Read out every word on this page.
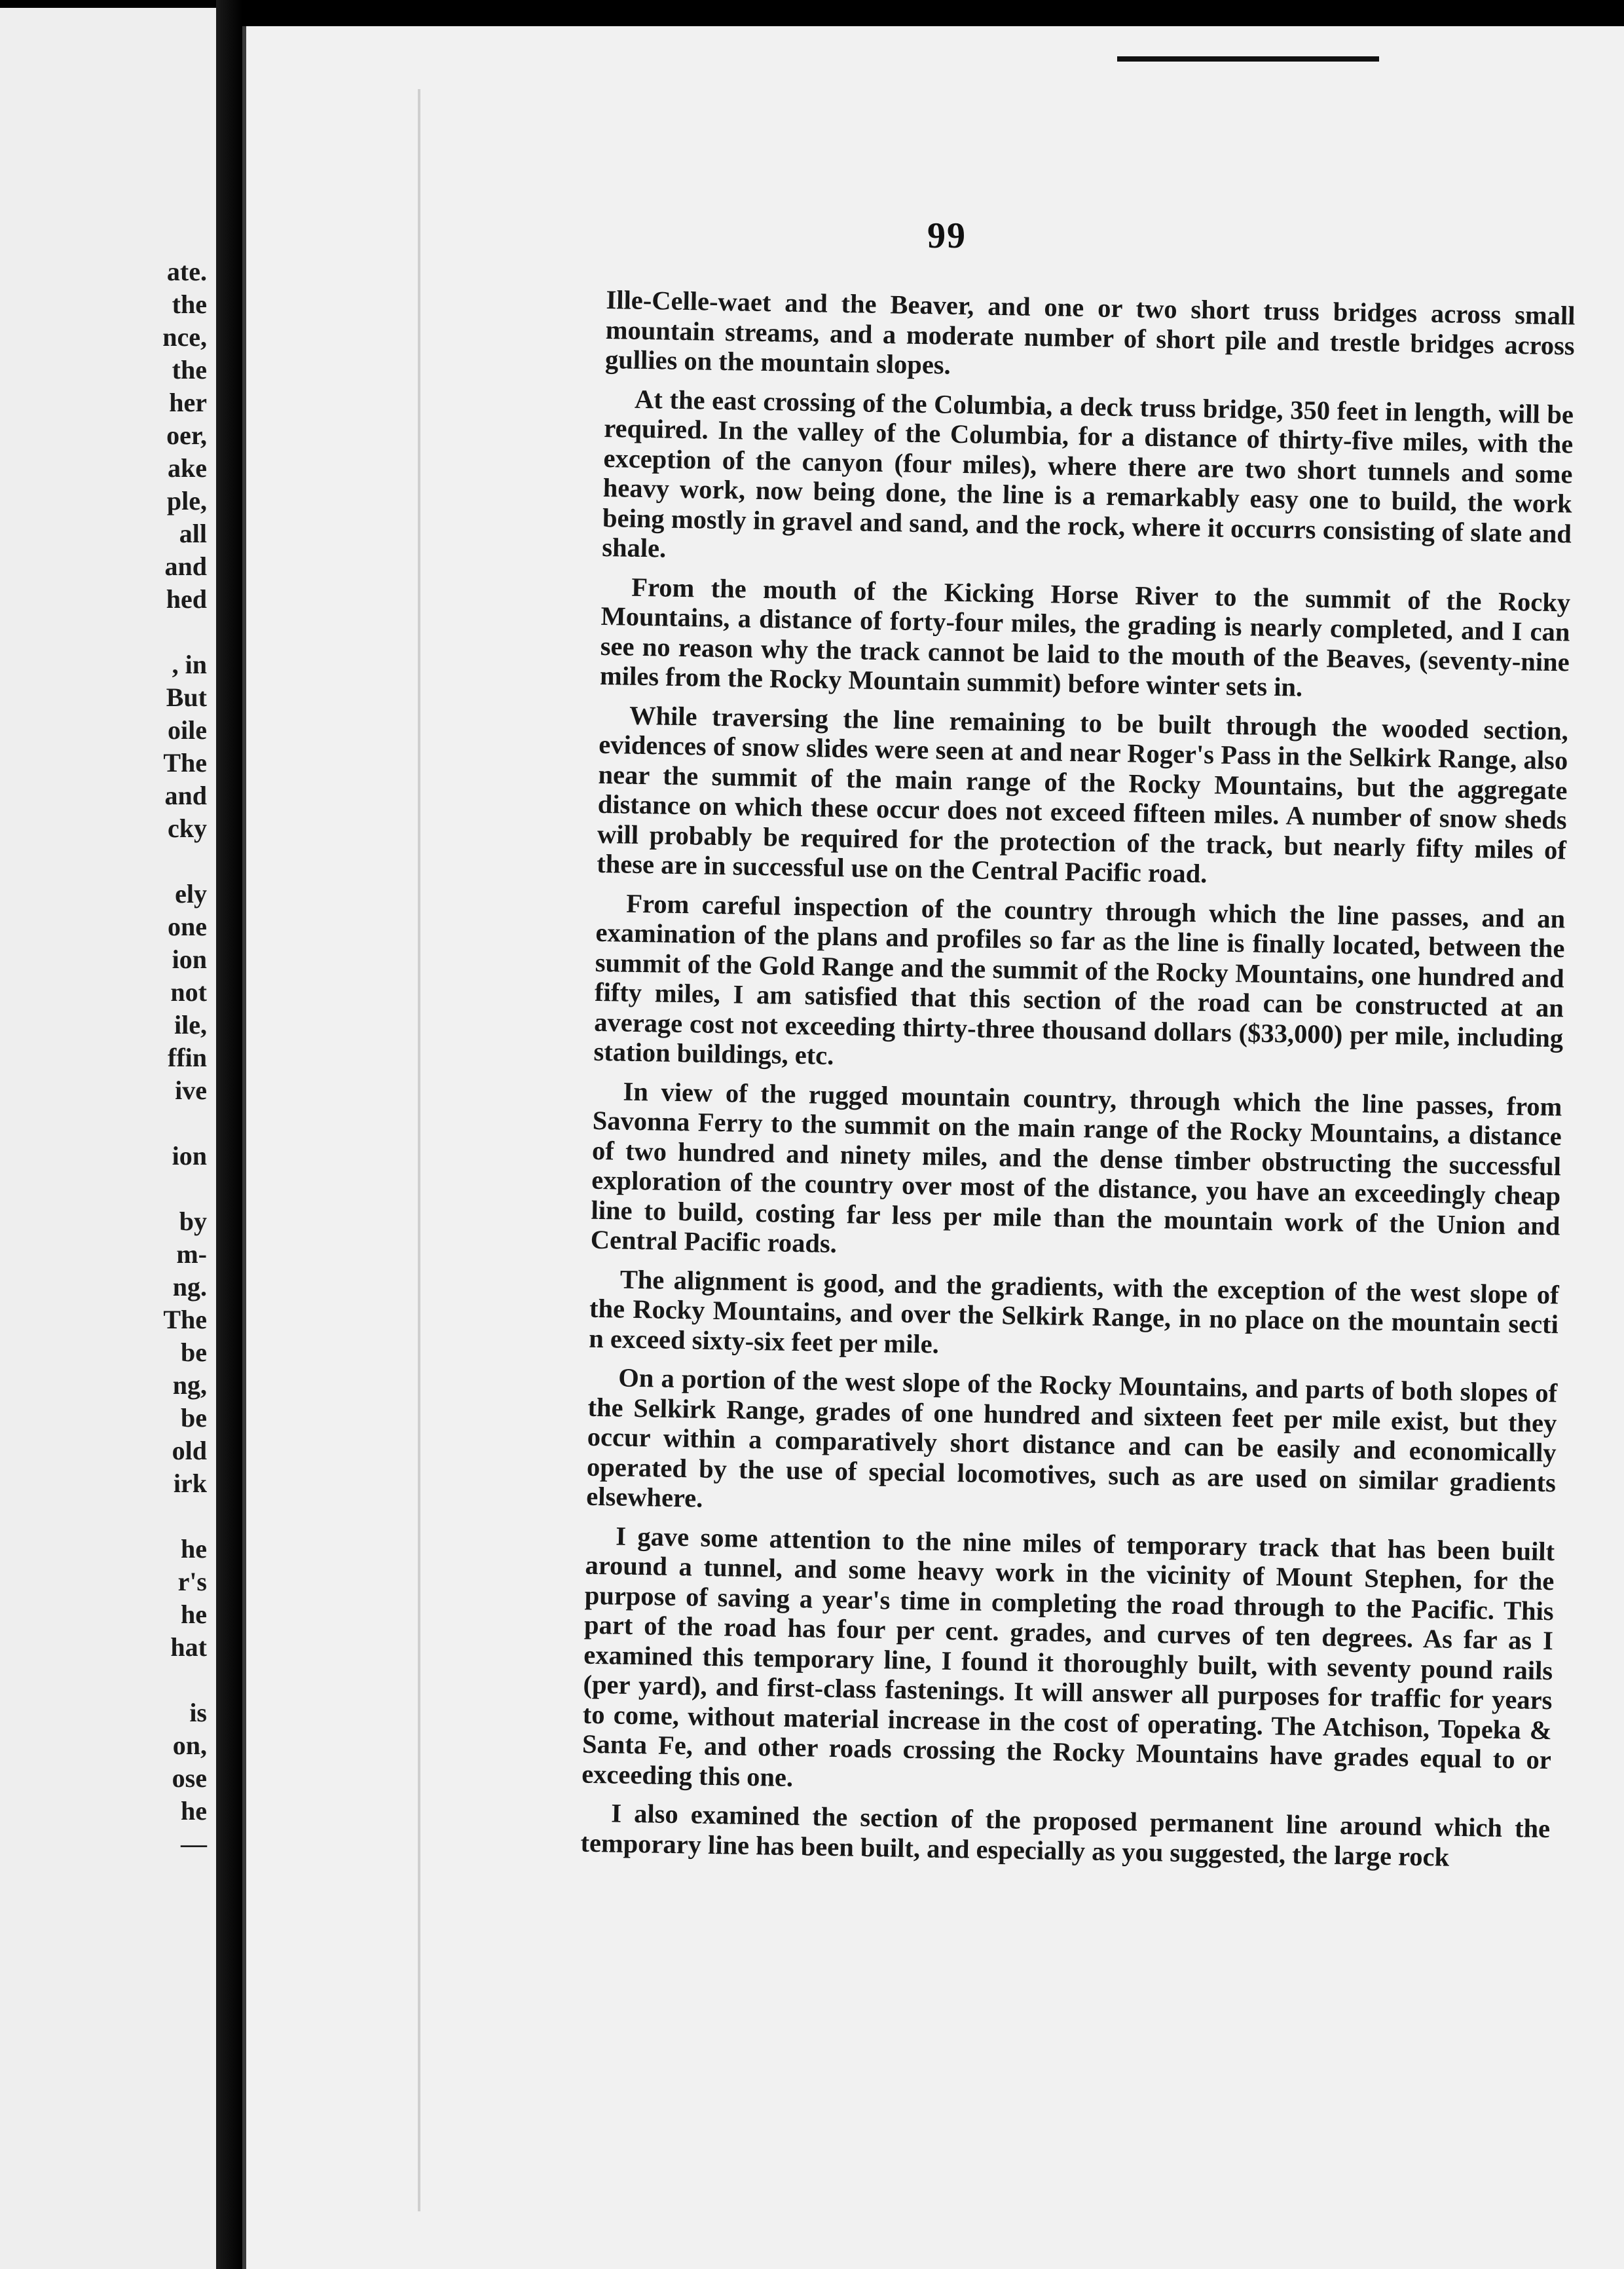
ate.
the
nce,
the
her
oer,
ake
ple,
all
and
hed
, in
But
oile
The
and
cky
ely
one
ion
not
ile,
ffin
ive
ion
by
m-
ng.
The
be
ng,
be
old
irk
he
r's
he
hat
is
on,
ose
he
—
99

Ille-Celle-waet and the Beaver, and one or two short truss bridges across small mountain streams, and a moderate number of short pile and trestle bridges across gullies on the mountain slopes.

At the east crossing of the Columbia, a deck truss bridge, 350 feet in length, will be required. In the valley of the Columbia, for a distance of thirty-five miles, with the exception of the canyon (four miles), where there are two short tunnels and some heavy work, now being done, the line is a remarkably easy one to build, the work being mostly in gravel and sand, and the rock, where it occurrs consisting of slate and shale.

From the mouth of the Kicking Horse River to the summit of the Rocky Mountains, a distance of forty-four miles, the grading is nearly completed, and I can see no reason why the track cannot be laid to the mouth of the Beaves, (seventy-nine miles from the Rocky Mountain summit) before winter sets in.

While traversing the line remaining to be built through the wooded section, evidences of snow slides were seen at and near Roger's Pass in the Selkirk Range, also near the summit of the main range of the Rocky Mountains, but the aggregate distance on which these occur does not exceed fifteen miles. A number of snow sheds will probably be required for the protection of the track, but nearly fifty miles of these are in successful use on the Central Pacific road.

From careful inspection of the country through which the line passes, and an examination of the plans and profiles so far as the line is finally located, between the summit of the Gold Range and the summit of the Rocky Mountains, one hundred and fifty miles, I am satisfied that this section of the road can be constructed at an average cost not exceeding thirty-three thousand dollars ($33,000) per mile, including station buildings, etc.

In view of the rugged mountain country, through which the line passes, from Savonna Ferry to the summit on the main range of the Rocky Mountains, a distance of two hundred and ninety miles, and the dense timber obstructing the successful exploration of the country over most of the distance, you have an exceedingly cheap line to build, costing far less per mile than the mountain work of the Union and Central Pacific roads.

The alignment is good, and the gradients, with the exception of the west slope of the Rocky Mountains, and over the Selkirk Range, in no place on the mountain secti n exceed sixty-six feet per mile.

On a portion of the west slope of the Rocky Mountains, and parts of both slopes of the Selkirk Range, grades of one hundred and sixteen feet per mile exist, but they occur within a comparatively short distance and can be easily and economically operated by the use of special locomotives, such as are used on similar gradients elsewhere.

I gave some attention to the nine miles of temporary track that has been built around a tunnel, and some heavy work in the vicinity of Mount Stephen, for the purpose of saving a year's time in completing the road through to the Pacific. This part of the road has four per cent. grades, and curves of ten degrees. As far as I examined this temporary line, I found it thoroughly built, with seventy pound rails (per yard), and first-class fastenings. It will answer all purposes for traffic for years to come, without material increase in the cost of operating. The Atchison, Topeka & Santa Fe, and other roads crossing the Rocky Mountains have grades equal to or exceeding this one.

I also examined the section of the proposed permanent line around which the temporary line has been built, and especially as you suggested, the large rock
